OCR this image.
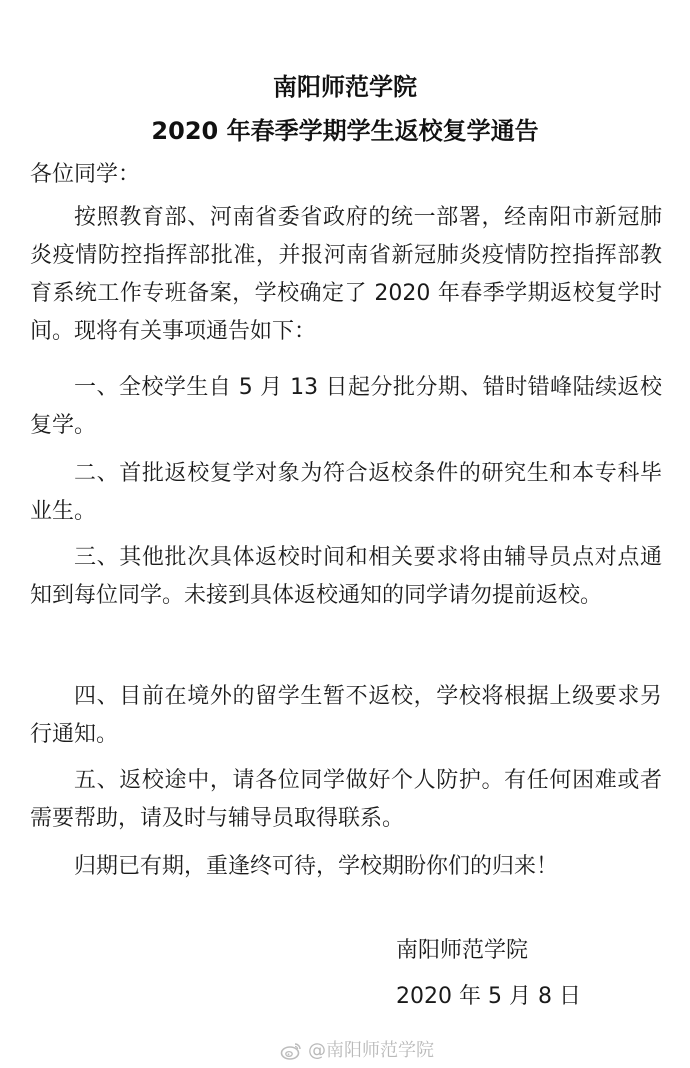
南阳师范学院
2020 年春季学期学生返校复学通告
各位同学：
按照教育部、河南省委省政府的统一部署，经南阳市新冠肺炎疫情防控指挥部批准，并报河南省新冠肺炎疫情防控指挥部教育系统工作专班备案，学校确定了 2020 年春季学期返校复学时间。现将有关事项通告如下：
一、全校学生自 5 月 13 日起分批分期、错时错峰陆续返校复学。
二、首批返校复学对象为符合返校条件的研究生和本专科毕业生。
三、其他批次具体返校时间和相关要求将由辅导员点对点通知到每位同学。未接到具体返校通知的同学请勿提前返校。
四、目前在境外的留学生暂不返校，学校将根据上级要求另行通知。
五、返校途中，请各位同学做好个人防护。有任何困难或者需要帮助，请及时与辅导员取得联系。
归期已有期，重逢终可待，学校期盼你们的归来！
南阳师范学院
2020 年 5 月 8 日
@南阳师范学院
